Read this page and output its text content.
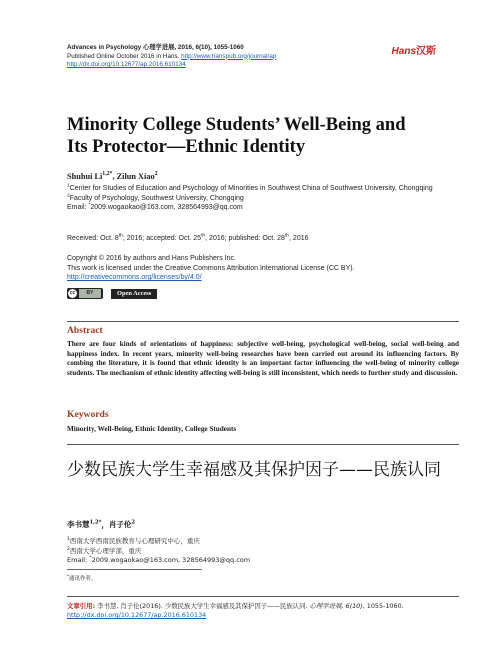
Advances in Psychology 心理学进展, 2016, 6(10), 1055-1060
Published Online October 2016 in Hans. http://www.hanspub.org/journal/ap
http://dx.doi.org/10.12677/ap.2016.610134
Hans汉斯
Minority College Students’ Well-Being and Its Protector—Ethnic Identity
Shuhui $Li^{1,2*}$, Zilun Xiao$^2$
$^1$Center for Studies of Education and Psychology of Minorities in Southwest China of Southwest University, Chongqing
$^2$Faculty of Psychology, Southwest University, Chongqing
Email: *2009.wogaokao@163.com, 328564993@qq.com
Received: Oct. 8th; 2016; accepted: Oct. 25th, 2016; published: Oct. 28th, 2016
Copyright © 2016 by authors and Hans Publishers Inc.
This work is licensed under the Creative Commons Attribution International License (CC BY).
http://creativecommons.org/licenses/by/4.0/
cc	BY	Open Access
Abstract
There are four kinds of orientations of happiness: subjective well-being, psychological well-being, social well-being and happiness index. In recent years, minority well-being researches have been carried out around its influencing factors. By combing the literature, it is found that ethnic identity is an important factor influencing the well-being of minority college students. The mechanism of ethnic identity affecting well-being is still inconsistent, which needs to further study and discussion.
Keywords
Minority, Well-Being, Ethnic Identity, College Students
少数民族大学生幸福感及其保护因子——民族认同
李书慧$^{1,2*}$，肖子伦$^2$
$^1$西南大学西南民族教育与心理研究中心，重庆
$^2$西南大学心理学部，重庆
Email: *2009.wogaokao@163.com, 328564993@qq.com
*通讯作者。
文章引用: 李书慧, 肖子伦(2016). 少数民族大学生幸福感及其保护因子——民族认同. 心理学进展, 6(10), 1055-1060.
http://dx.doi.org/10.12677/ap.2016.610134
